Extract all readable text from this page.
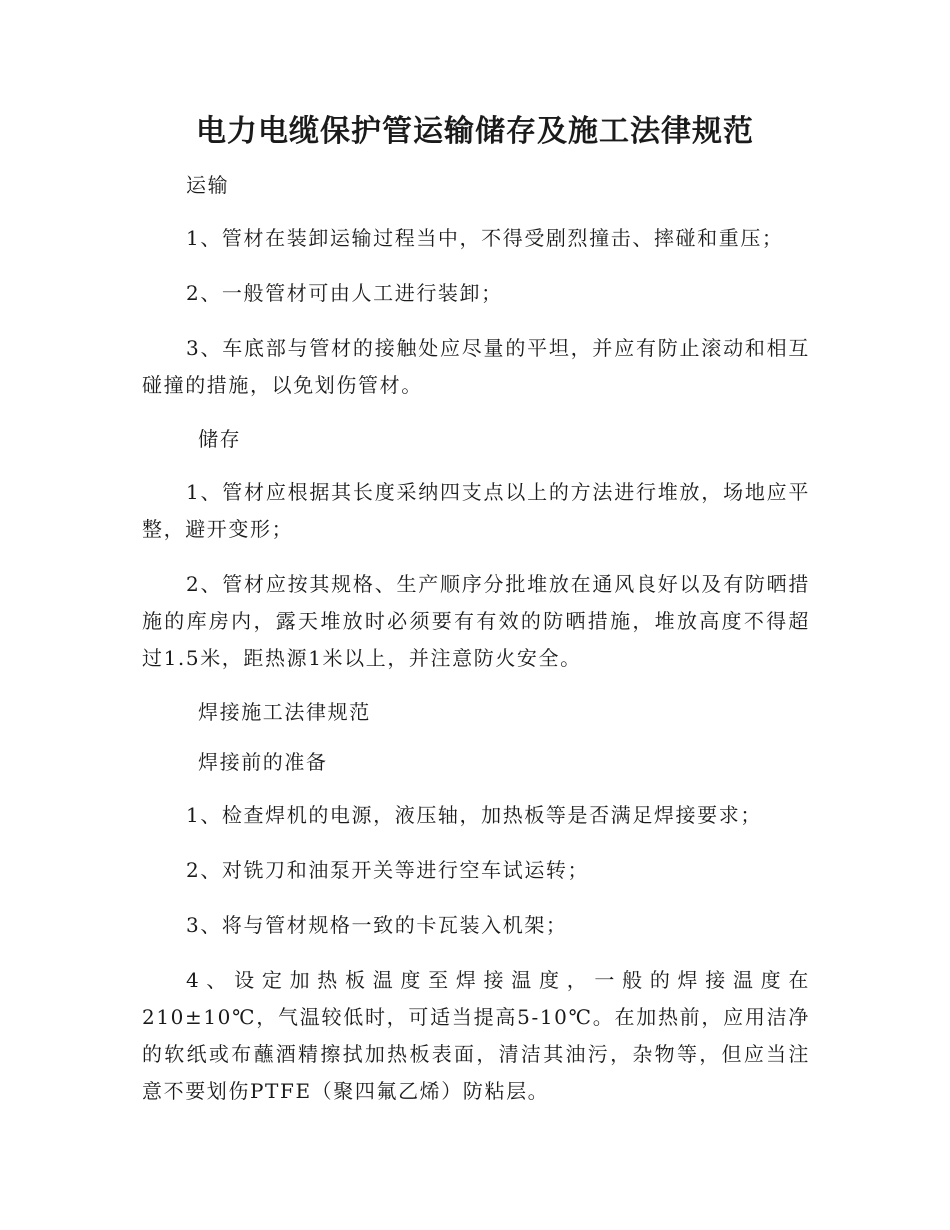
电力电缆保护管运输储存及施工法律规范

运输

1、管材在装卸运输过程当中，不得受剧烈撞击、摔碰和重压；

2、一般管材可由人工进行装卸；

3、车底部与管材的接触处应尽量的平坦，并应有防止滚动和相互碰撞的措施，以免划伤管材。

储存

1、管材应根据其长度采纳四支点以上的方法进行堆放，场地应平整，避开变形；

2、管材应按其规格、生产顺序分批堆放在通风良好以及有防晒措施的库房内，露天堆放时必须要有有效的防晒措施，堆放高度不得超过1.5米，距热源1米以上，并注意防火安全。

焊接施工法律规范

焊接前的准备

1、检查焊机的电源，液压轴，加热板等是否满足焊接要求；

2、对铣刀和油泵开关等进行空车试运转；

3、将与管材规格一致的卡瓦装入机架；

4、设定加热板温度至焊接温度，一般的焊接温度在210±10℃，气温较低时，可适当提高5-10℃。在加热前，应用洁净的软纸或布蘸酒精擦拭加热板表面，清洁其油污，杂物等，但应当注意不要划伤PTFE（聚四氟乙烯）防粘层。
